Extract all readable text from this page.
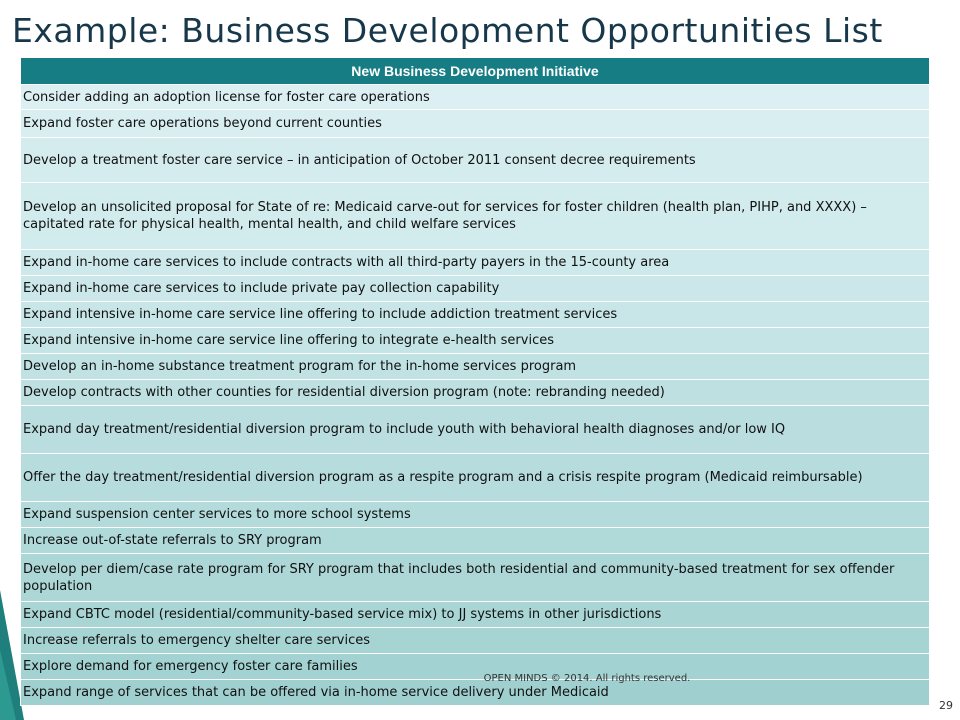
Example: Business Development Opportunities List
New Business Development Initiative
Consider adding an adoption license for foster care operations
Expand foster care operations beyond current counties
Develop a treatment foster care service – in anticipation of October 2011 consent decree requirements
Develop an unsolicited proposal for State of re: Medicaid carve-out for services for foster children (health plan, PIHP, and XXXX) – capitated rate for physical health, mental health, and child welfare services
Expand in-home care services to include contracts with all third-party payers in the 15-county area
Expand in-home care services to include private pay collection capability
Expand intensive in-home care service line offering to include addiction treatment services
Expand intensive in-home care service line offering to integrate e-health services
Develop an in-home substance treatment program for the in-home services program
Develop contracts with other counties for residential diversion program (note: rebranding needed)
Expand day treatment/residential diversion program to include youth with behavioral health diagnoses and/or low IQ
Offer the day treatment/residential diversion program as a respite program and a crisis respite program (Medicaid reimbursable)
Expand suspension center services to more school systems
Increase out-of-state referrals to SRY program
Develop per diem/case rate program for SRY program that includes both residential and community-based treatment for sex offender population
Expand CBTC model (residential/community-based service mix) to JJ systems in other jurisdictions
Increase referrals to emergency shelter care services
Explore demand for emergency foster care families
Expand range of services that can be offered via in-home service delivery under Medicaid
OPEN MINDS © 2014. All rights reserved.
29
